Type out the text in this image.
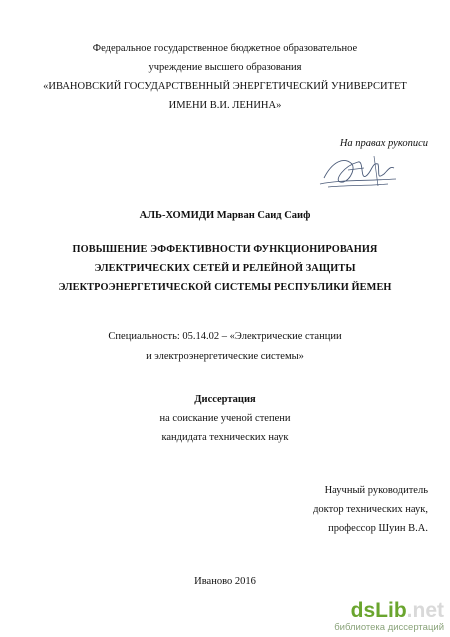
Федеральное государственное бюджетное образовательное
учреждение высшего образования
«ИВАНОВСКИЙ ГОСУДАРСТВЕННЫЙ ЭНЕРГЕТИЧЕСКИЙ УНИВЕРСИТЕТ
ИМЕНИ В.И. ЛЕНИНА»
На правах рукописи
АЛЬ-ХОМИДИ Марван Саид Саиф
ПОВЫШЕНИЕ ЭФФЕКТИВНОСТИ ФУНКЦИОНИРОВАНИЯ
ЭЛЕКТРИЧЕСКИХ СЕТЕЙ И РЕЛЕЙНОЙ ЗАЩИТЫ
ЭЛЕКТРОЭНЕРГЕТИЧЕСКОЙ СИСТЕМЫ РЕСПУБЛИКИ ЙЕМЕН
Специальность: 05.14.02 – «Электрические станции
и электроэнергетические системы»
Диссертация
на соискание ученой степени
кандидата технических наук
Научный руководитель
доктор технических наук,
профессор Шуин В.А.
Иваново 2016
dsLib.net
библиотека диссертаций
